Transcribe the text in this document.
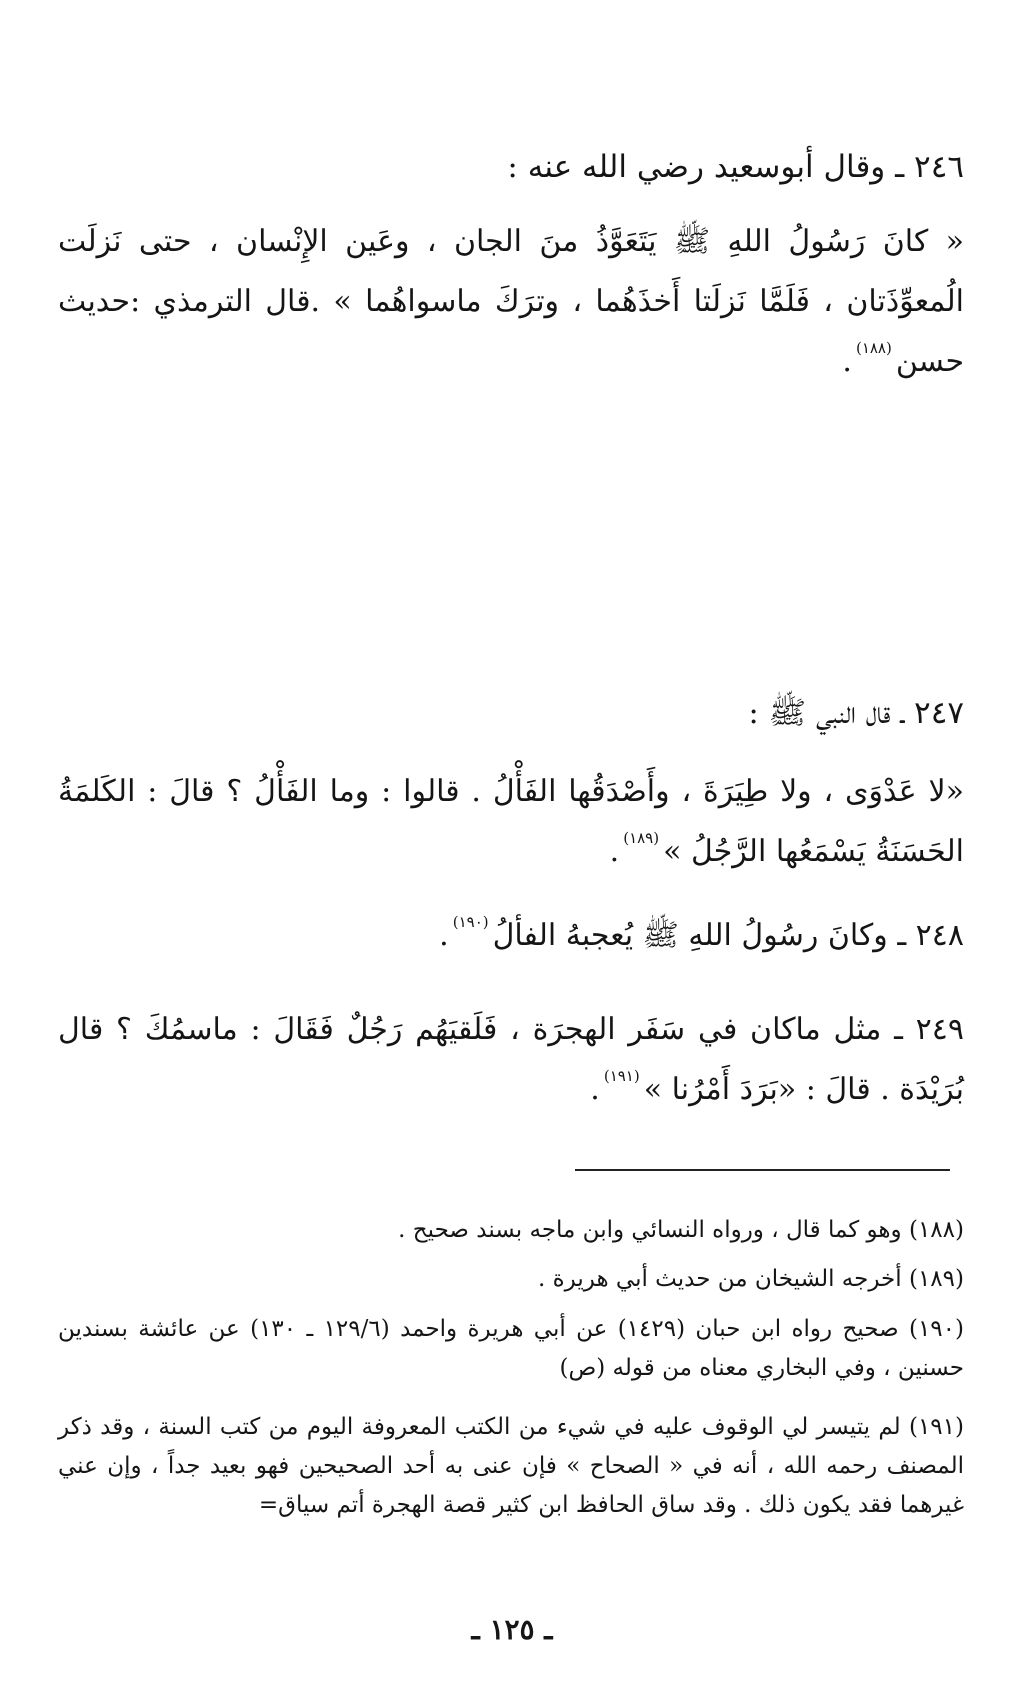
٢٤٦ ـ وقال أبوسعيد رضي الله عنه :
« كانَ رَسُولُ اللهِ ﷺ يَتَعَوَّذُ منَ الجان ، وعَين الإِنْسان ، حتى نَزلَت الُمعوِّذَتان ، فَلَمَّا نَزلَتا أَخذَهُما ، وترَكَ ماسواهُما » .قال الترمذي :حديث حسن$^{(١٨٨)}$.
٢٤٧ ـ قال النبي ﷺ :
«لا عَدْوَى ، ولا طِيَرَةَ ، وأَصْدَقُها الفَأْلُ . قالوا : وما الفَأْلُ ؟ قالَ : الكَلمَةُ الحَسَنَةُ يَسْمَعُها الرَّجُلُ »$^{(١٨٩)}$.
٢٤٨ ـ وكانَ رسُولُ اللهِ ﷺ يُعجبهُ الفألُ$^{(١٩٠)}$.
٢٤٩ ـ مثل ماكان في سَفَر الهجرَة ، فَلَقيَهُم رَجُلٌ فَقَالَ : ماسمُكَ ؟ قال بُرَيْدَة . قالَ : «بَرَدَ أَمْرُنا »$^{(١٩١)}$.
(١٨٨) وهو كما قال ، ورواه النسائي وابن ماجه بسند صحيح .
(١٨٩) أخرجه الشيخان من حديث أبي هريرة .
(١٩٠) صحيح رواه ابن حبان (١٤٢٩) عن أبي هريرة واحمد (١٢٩/٦ ـ ١٣٠) عن عائشة بسندين حسنين ، وفي البخاري معناه من قوله (ص)
(١٩١) لم يتيسر لي الوقوف عليه في شيء من الكتب المعروفة اليوم من كتب السنة ، وقد ذكر المصنف رحمه الله ، أنه في « الصحاح » فإن عنى به أحد الصحيحين فهو بعيد جداً ، وإن عني غيرهما فقد يكون ذلك . وقد ساق الحافظ ابن كثير قصة الهجرة أتم سياق=
ـ ١٢٥ ـ
